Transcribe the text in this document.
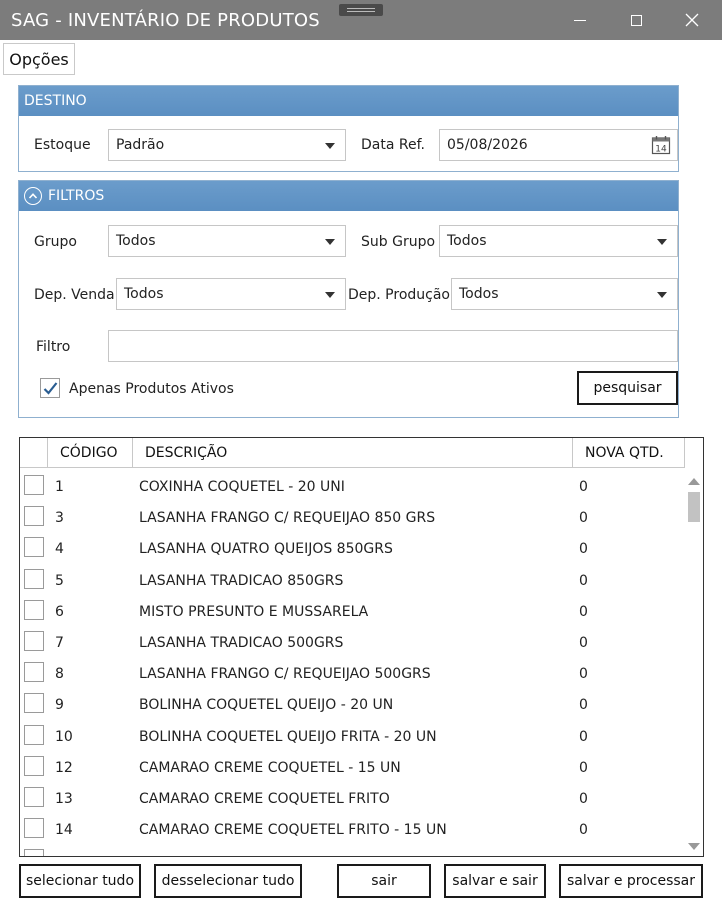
SAG - INVENTÁRIO DE PRODUTOS
Opções
DESTINO
Estoque Padrão	Data Ref. 05/08/2026	14
FILTROS
Grupo	Todos	Sub Grupo Todos
Dep. Venda Todos	Dep. Produção Todos
Filtro
Apenas Produtos Ativos	pesquisar
CÓDIGO	DESCRIÇÃO	NOVA QTD.
1	COXINHA COQUETEL - 20 UNI	0
3	LASANHA FRANGO C/ REQUEIJAO 850 GRS	0
4	LASANHA QUATRO QUEIJOS 850GRS	0
5	LASANHA TRADICAO 850GRS	0
6	MISTO PRESUNTO E MUSSARELA	0
7	LASANHA TRADICAO 500GRS	0
8	LASANHA FRANGO C/ REQUEIJAO 500GRS	0
9	BOLINHA COQUETEL QUEIJO - 20 UN	0
10	BOLINHA COQUETEL QUEIJO FRITA - 20 UN	0
12	CAMARAO CREME COQUETEL - 15 UN	0
13	CAMARAO CREME COQUETEL FRITO	0
14	CAMARAO CREME COQUETEL FRITO - 15 UN	0
selecionar tudo	desselecionar tudo	sair	salvar e sair	salvar e processar
